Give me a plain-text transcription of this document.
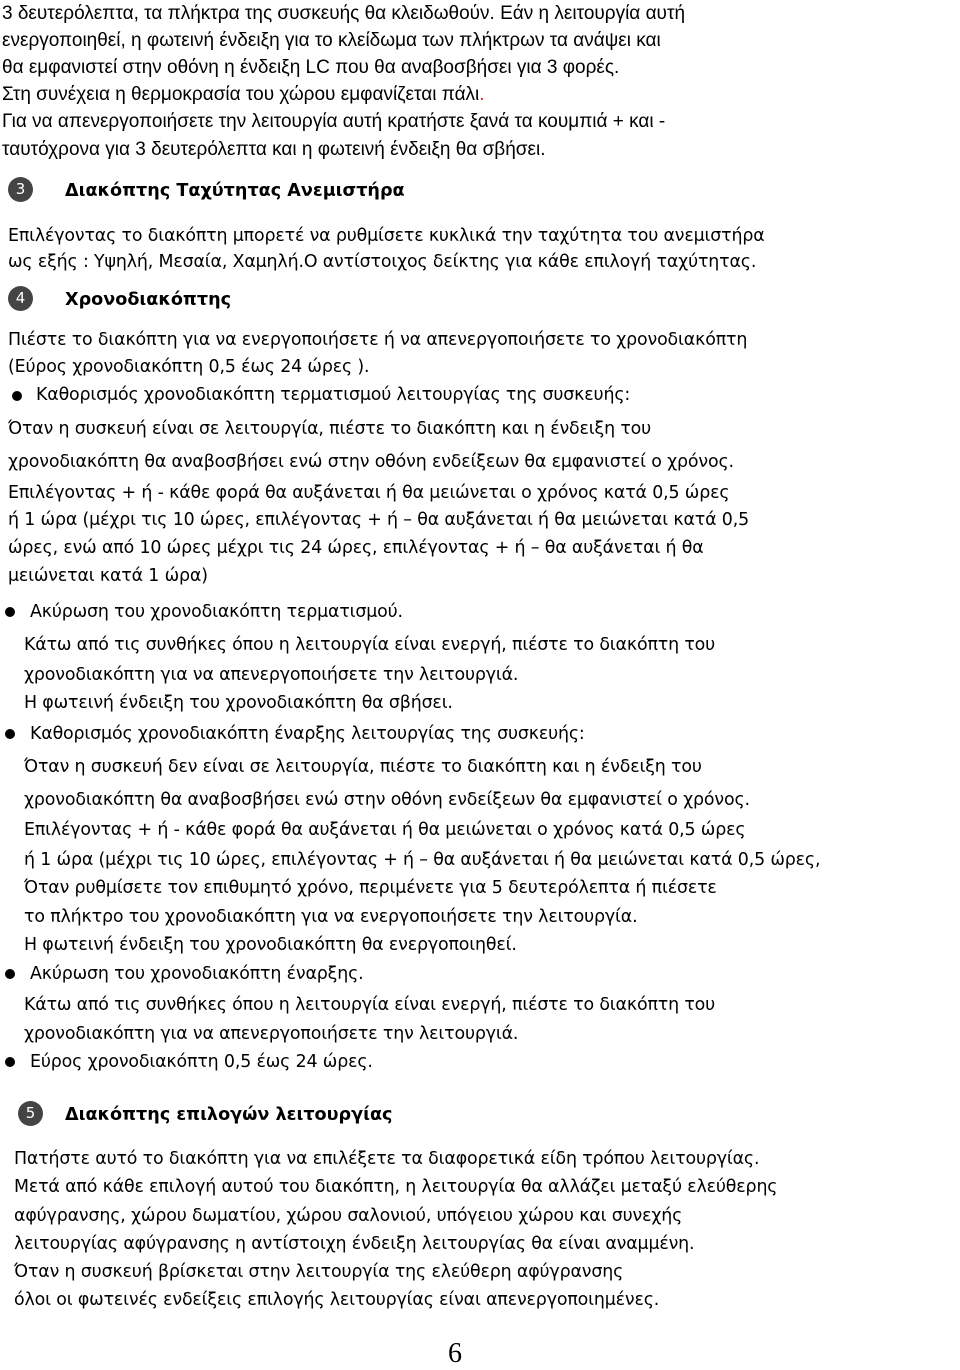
3 δευτερόλεπτα, τα πλήκτρα της συσκευής θα κλειδωθούν. Εάν η λειτουργία αυτή
ενεργοποιηθεί, η φωτεινή ένδειξη για το κλείδωμα των πλήκτρων τα ανάψει και
θα εμφανιστεί στην οθόνη η ένδειξη LC που θα αναβοσβήσει για 3 φορές.
Στη συνέχεια η θερμοκρασία του χώρου εμφανίζεται πάλι.
Για να απενεργοποιήσετε την λειτουργία αυτή κρατήστε ξανά τα κουμπιά + και -
ταυτόχρονα για 3 δευτερόλεπτα και η φωτεινή ένδειξη θα σβήσει.
3	Διακόπτης Ταχύτητας Ανεμιστήρα
Επιλέγοντας το διακόπτη μπορετέ να ρυθμίσετε κυκλικά την ταχύτητα του ανεμιστήρα
ως εξής : Υψηλή, Μεσαία, Χαμηλή.Ο αντίστοιχος δείκτης για κάθε επιλογή ταχύτητας.
4	Χρονοδιακόπτης
Πιέστε το διακόπτη για να ενεργοποιήσετε ή να απενεργοποιήσετε το χρονοδιακόπτη
(Εύρος χρονοδιακόπτη 0,5 έως 24 ώρες ).
Καθορισμός χρονοδιακόπτη τερματισμού λειτουργίας της συσκευής:
Όταν η συσκευή είναι σε λειτουργία, πιέστε το διακόπτη και η ένδειξη του
χρονοδιακόπτη θα αναβοσβήσει ενώ στην οθόνη ενδείξεων θα εμφανιστεί ο χρόνος.
Επιλέγοντας + ή - κάθε φορά θα αυξάνεται ή θα μειώνεται ο χρόνος κατά 0,5 ώρες
ή 1 ώρα (μέχρι τις 10 ώρες, επιλέγοντας + ή – θα αυξάνεται ή θα μειώνεται κατά 0,5
ώρες, ενώ από 10 ώρες μέχρι τις 24 ώρες, επιλέγοντας + ή – θα αυξάνεται ή θα
μειώνεται κατά 1 ώρα)
Ακύρωση του χρονοδιακόπτη τερματισμού.
Κάτω από τις συνθήκες όπου η λειτουργία είναι ενεργή, πιέστε το διακόπτη του
χρονοδιακόπτη για να απενεργοποιήσετε την λειτουργιά.
Η φωτεινή ένδειξη του χρονοδιακόπτη θα σβήσει.
Καθορισμός χρονοδιακόπτη έναρξης λειτουργίας της συσκευής:
Όταν η συσκευή δεν είναι σε λειτουργία, πιέστε το διακόπτη και η ένδειξη του
χρονοδιακόπτη θα αναβοσβήσει ενώ στην οθόνη ενδείξεων θα εμφανιστεί ο χρόνος.
Επιλέγοντας + ή - κάθε φορά θα αυξάνεται ή θα μειώνεται ο χρόνος κατά 0,5 ώρες
ή 1 ώρα (μέχρι τις 10 ώρες, επιλέγοντας + ή – θα αυξάνεται ή θα μειώνεται κατά 0,5 ώρες,
Όταν ρυθμίσετε τον επιθυμητό χρόνο, περιμένετε για 5 δευτερόλεπτα ή πιέσετε
το πλήκτρο του χρονοδιακόπτη για να ενεργοποιήσετε την λειτουργία.
Η φωτεινή ένδειξη του χρονοδιακόπτη θα ενεργοποιηθεί.
Ακύρωση του χρονοδιακόπτη έναρξης.
Κάτω από τις συνθήκες όπου η λειτουργία είναι ενεργή, πιέστε το διακόπτη του
χρονοδιακόπτη για να απενεργοποιήσετε την λειτουργιά.
Εύρος χρονοδιακόπτη 0,5 έως 24 ώρες.
5	Διακόπτης επιλογών λειτουργίας
Πατήστε αυτό το διακόπτη για να επιλέξετε τα διαφορετικά είδη τρόπου λειτουργίας.
Μετά από κάθε επιλογή αυτού του διακόπτη, η λειτουργία θα αλλάζει μεταξύ ελεύθερης
αφύγρανσης, χώρου δωματίου, χώρου σαλονιού, υπόγειου χώρου και συνεχής
λειτουργίας αφύγρανσης η αντίστοιχη ένδειξη λειτουργίας θα είναι αναμμένη.
Όταν η συσκευή βρίσκεται στην λειτουργία της ελεύθερη αφύγρανσης
όλοι οι φωτεινές ενδείξεις επιλογής λειτουργίας είναι απενεργοποιημένες.
6
